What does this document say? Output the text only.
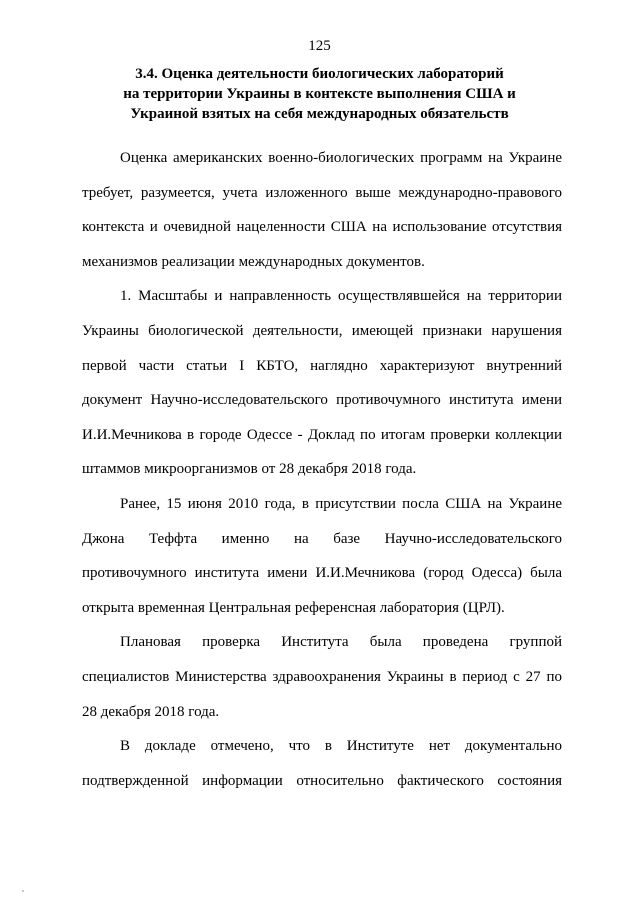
125
3.4. Оценка деятельности биологических лабораторий
на территории Украины в контексте выполнения США и
Украиной взятых на себя международных обязательств
Оценка американских военно-биологических программ на Украине
требует, разумеется, учета изложенного выше международно-правового
контекста и очевидной нацеленности США на использование отсутствия
механизмов реализации международных документов.
1. Масштабы и направленность осуществлявшейся на территории
Украины биологической деятельности, имеющей признаки нарушения
первой части статьи I КБТО, наглядно характеризуют внутренний
документ Научно-исследовательского противочумного института имени
И.И.Мечникова в городе Одессе - Доклад по итогам проверки коллекции
штаммов микроорганизмов от 28 декабря 2018 года.
Ранее, 15 июня 2010 года, в присутствии посла США на Украине
Джона Теффта именно на базе Научно-исследовательского
противочумного института имени И.И.Мечникова (город Одесса) была
открыта временная Центральная референсная лаборатория (ЦРЛ).
Плановая проверка Института была проведена группой
специалистов Министерства здравоохранения Украины в период с 27 по
28 декабря 2018 года.
В докладе отмечено, что в Институте нет документально
подтвержденной информации относительно фактического состояния
